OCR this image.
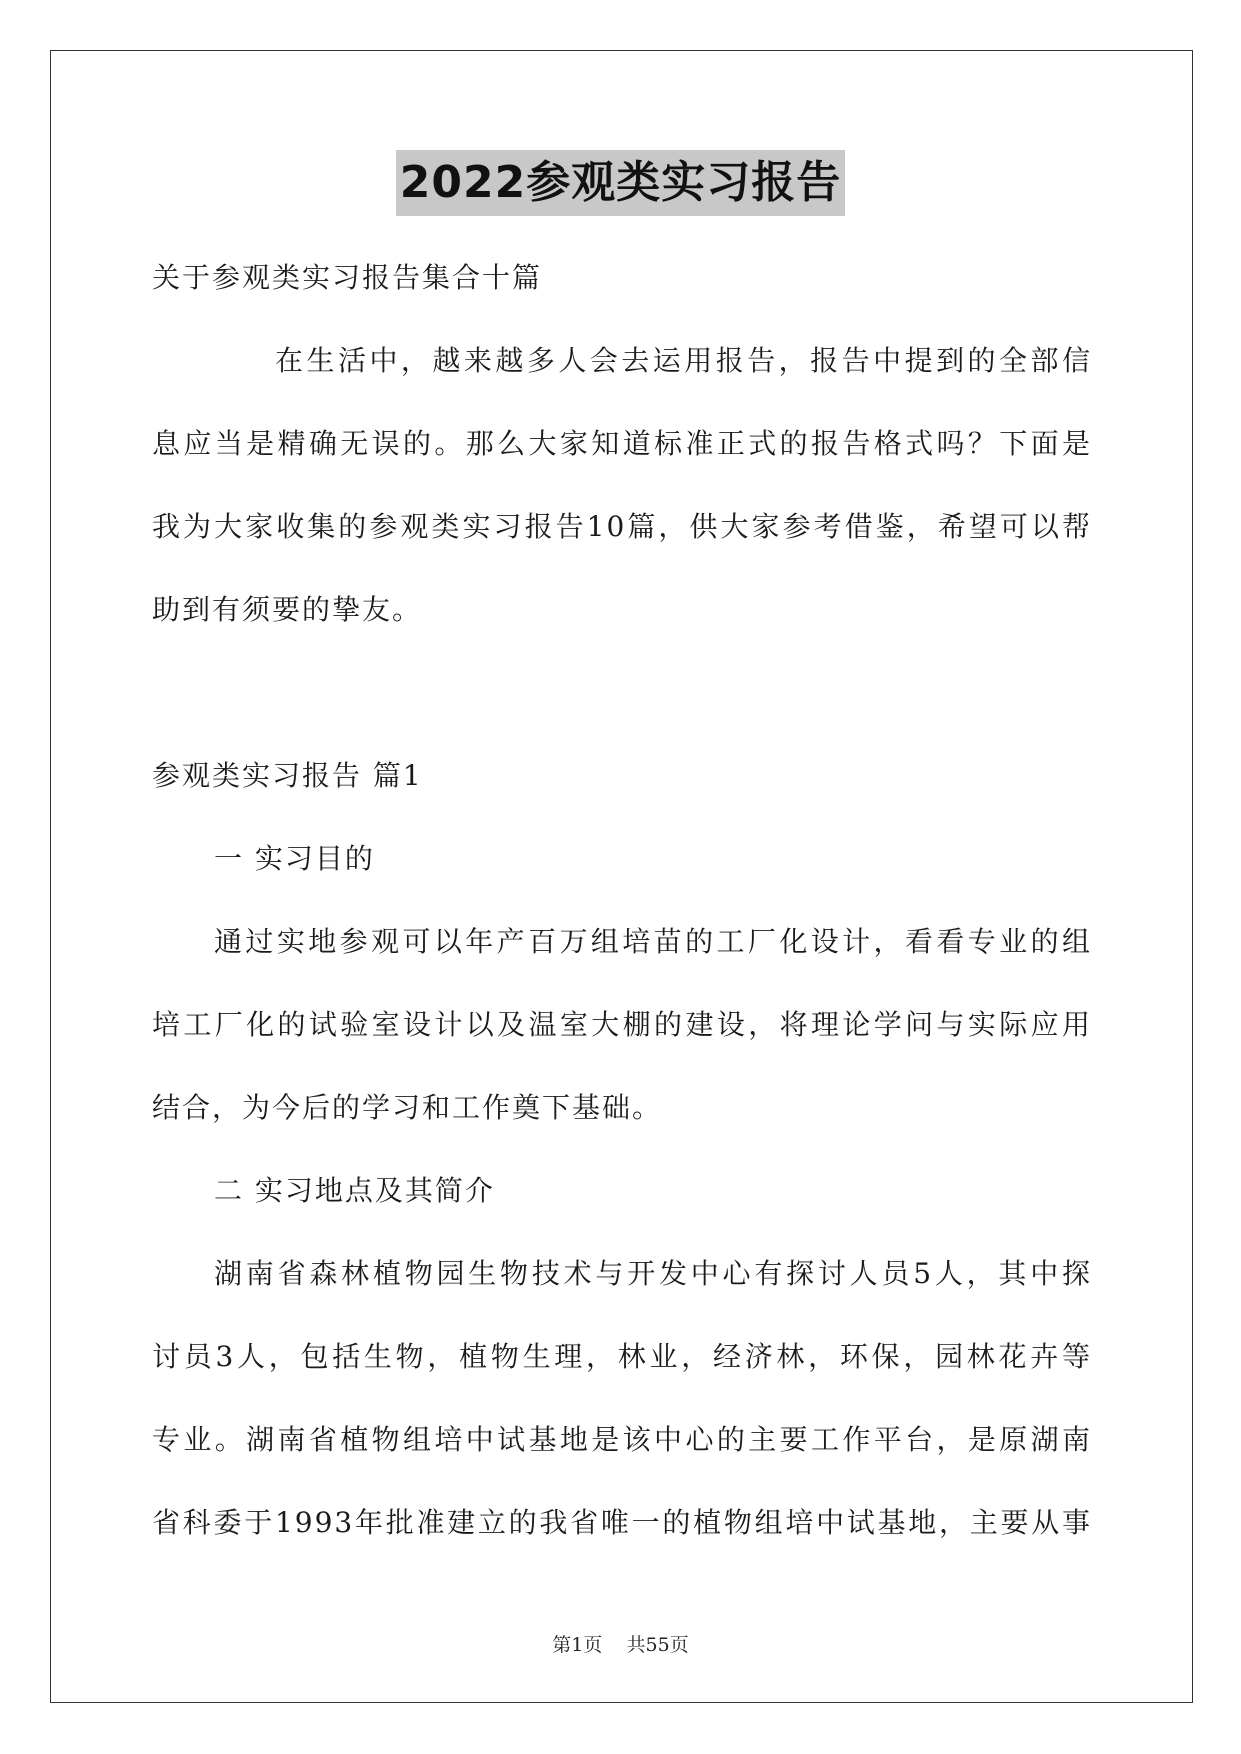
2022参观类实习报告
关于参观类实习报告集合十篇
在生活中，越来越多人会去运用报告，报告中提到的全部信
息应当是精确无误的。那么大家知道标准正式的报告格式吗？下面是
我为大家收集的参观类实习报告10篇，供大家参考借鉴，希望可以帮
助到有须要的挚友。
参观类实习报告 篇1
一 实习目的
通过实地参观可以年产百万组培苗的工厂化设计，看看专业的组
培工厂化的试验室设计以及温室大棚的建设，将理论学问与实际应用
结合，为今后的学习和工作奠下基础。
二 实习地点及其简介
湖南省森林植物园生物技术与开发中心有探讨人员5人，其中探
讨员3人，包括生物，植物生理，林业，经济林，环保，园林花卉等
专业。湖南省植物组培中试基地是该中心的主要工作平台，是原湖南
省科委于1993年批准建立的我省唯一的植物组培中试基地，主要从事
第1页 共55页
